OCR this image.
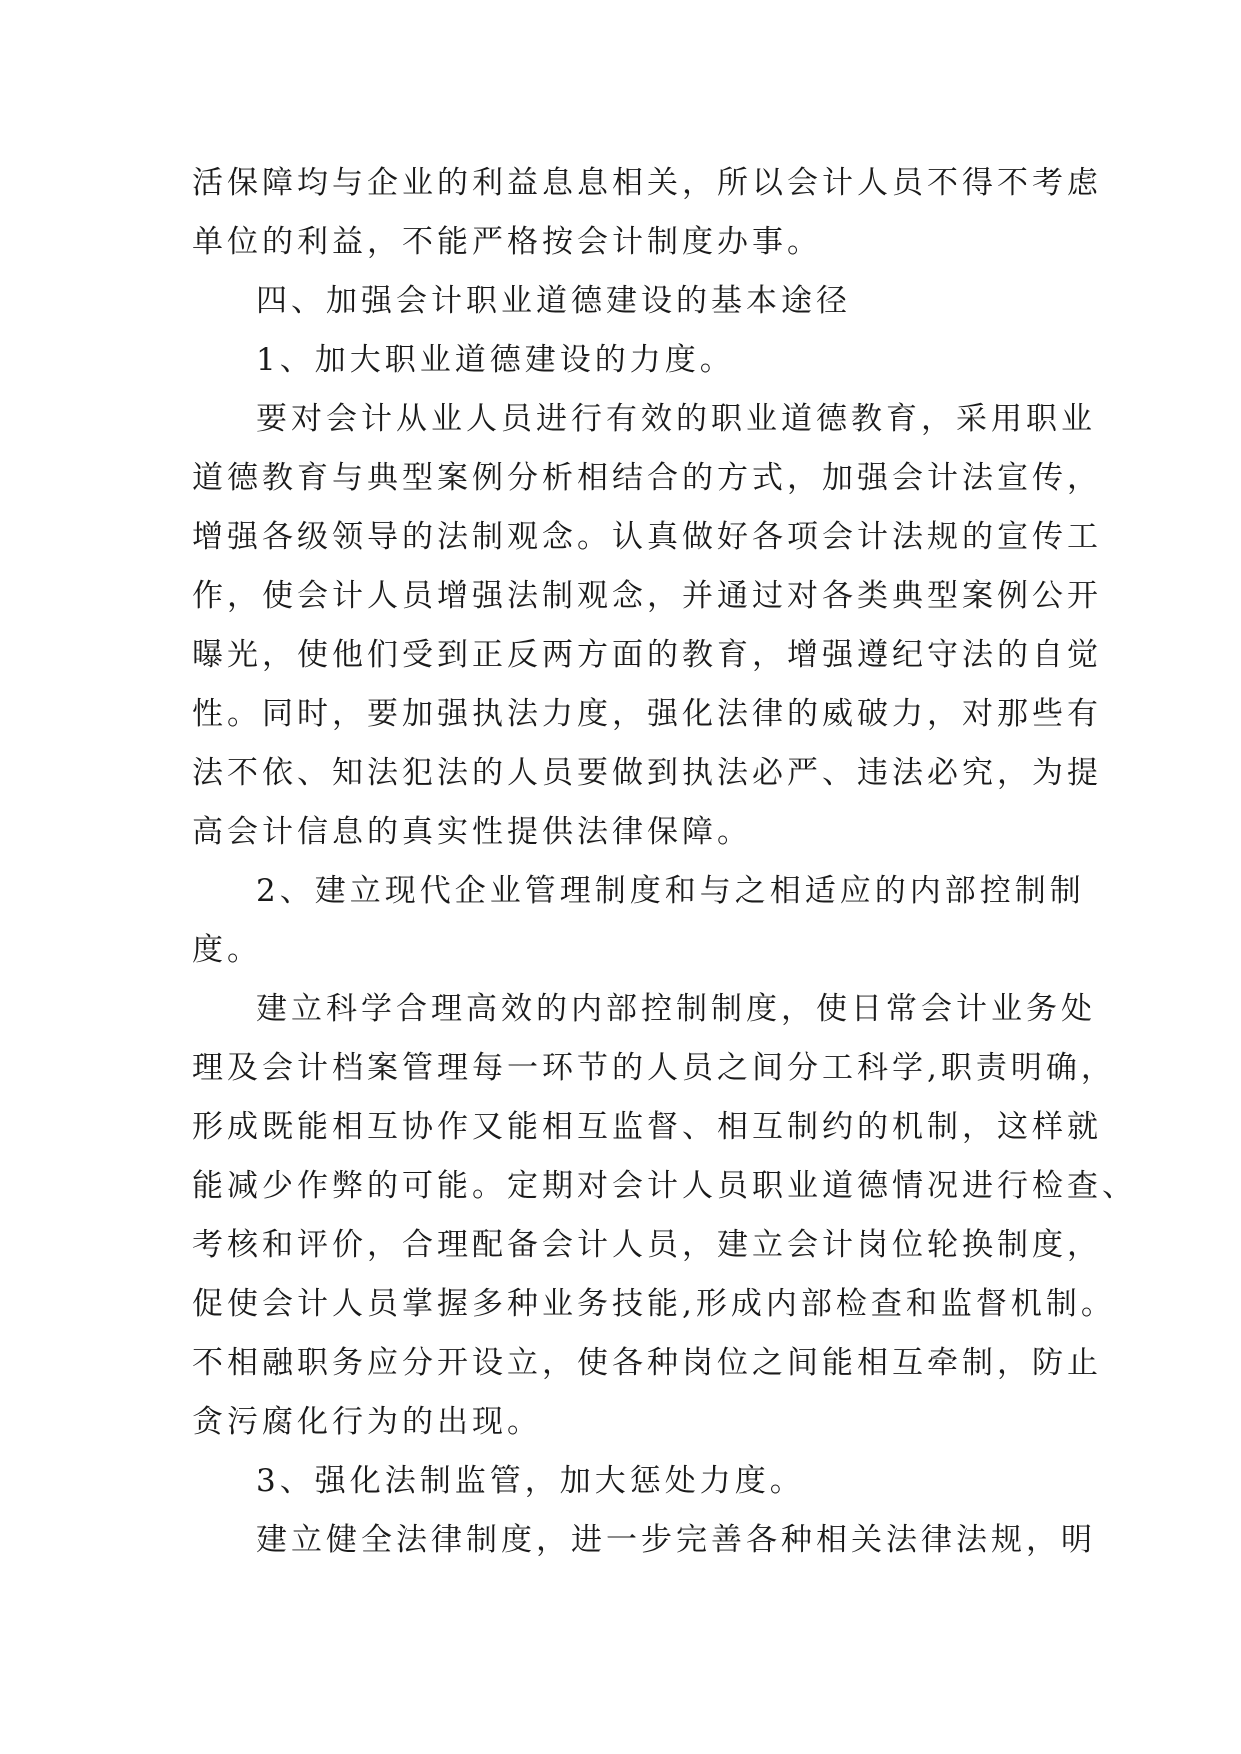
活保障均与企业的利益息息相关，所以会计人员不得不考虑
单位的利益，不能严格按会计制度办事。
四、加强会计职业道德建设的基本途径
1、加大职业道德建设的力度。
要对会计从业人员进行有效的职业道德教育，采用职业
道德教育与典型案例分析相结合的方式，加强会计法宣传，
增强各级领导的法制观念。认真做好各项会计法规的宣传工
作，使会计人员增强法制观念，并通过对各类典型案例公开
曝光，使他们受到正反两方面的教育，增强遵纪守法的自觉
性。同时，要加强执法力度，强化法律的威破力，对那些有
法不依、知法犯法的人员要做到执法必严、违法必究，为提
高会计信息的真实性提供法律保障。
2、建立现代企业管理制度和与之相适应的内部控制制
度。
建立科学合理高效的内部控制制度，使日常会计业务处
理及会计档案管理每一环节的人员之间分工科学,职责明确，
形成既能相互协作又能相互监督、相互制约的机制，这样就
能减少作弊的可能。定期对会计人员职业道德情况进行检查、
考核和评价，合理配备会计人员，建立会计岗位轮换制度，
促使会计人员掌握多种业务技能,形成内部检查和监督机制。
不相融职务应分开设立，使各种岗位之间能相互牵制，防止
贪污腐化行为的出现。
3、强化法制监管，加大惩处力度。
建立健全法律制度，进一步完善各种相关法律法规，明
